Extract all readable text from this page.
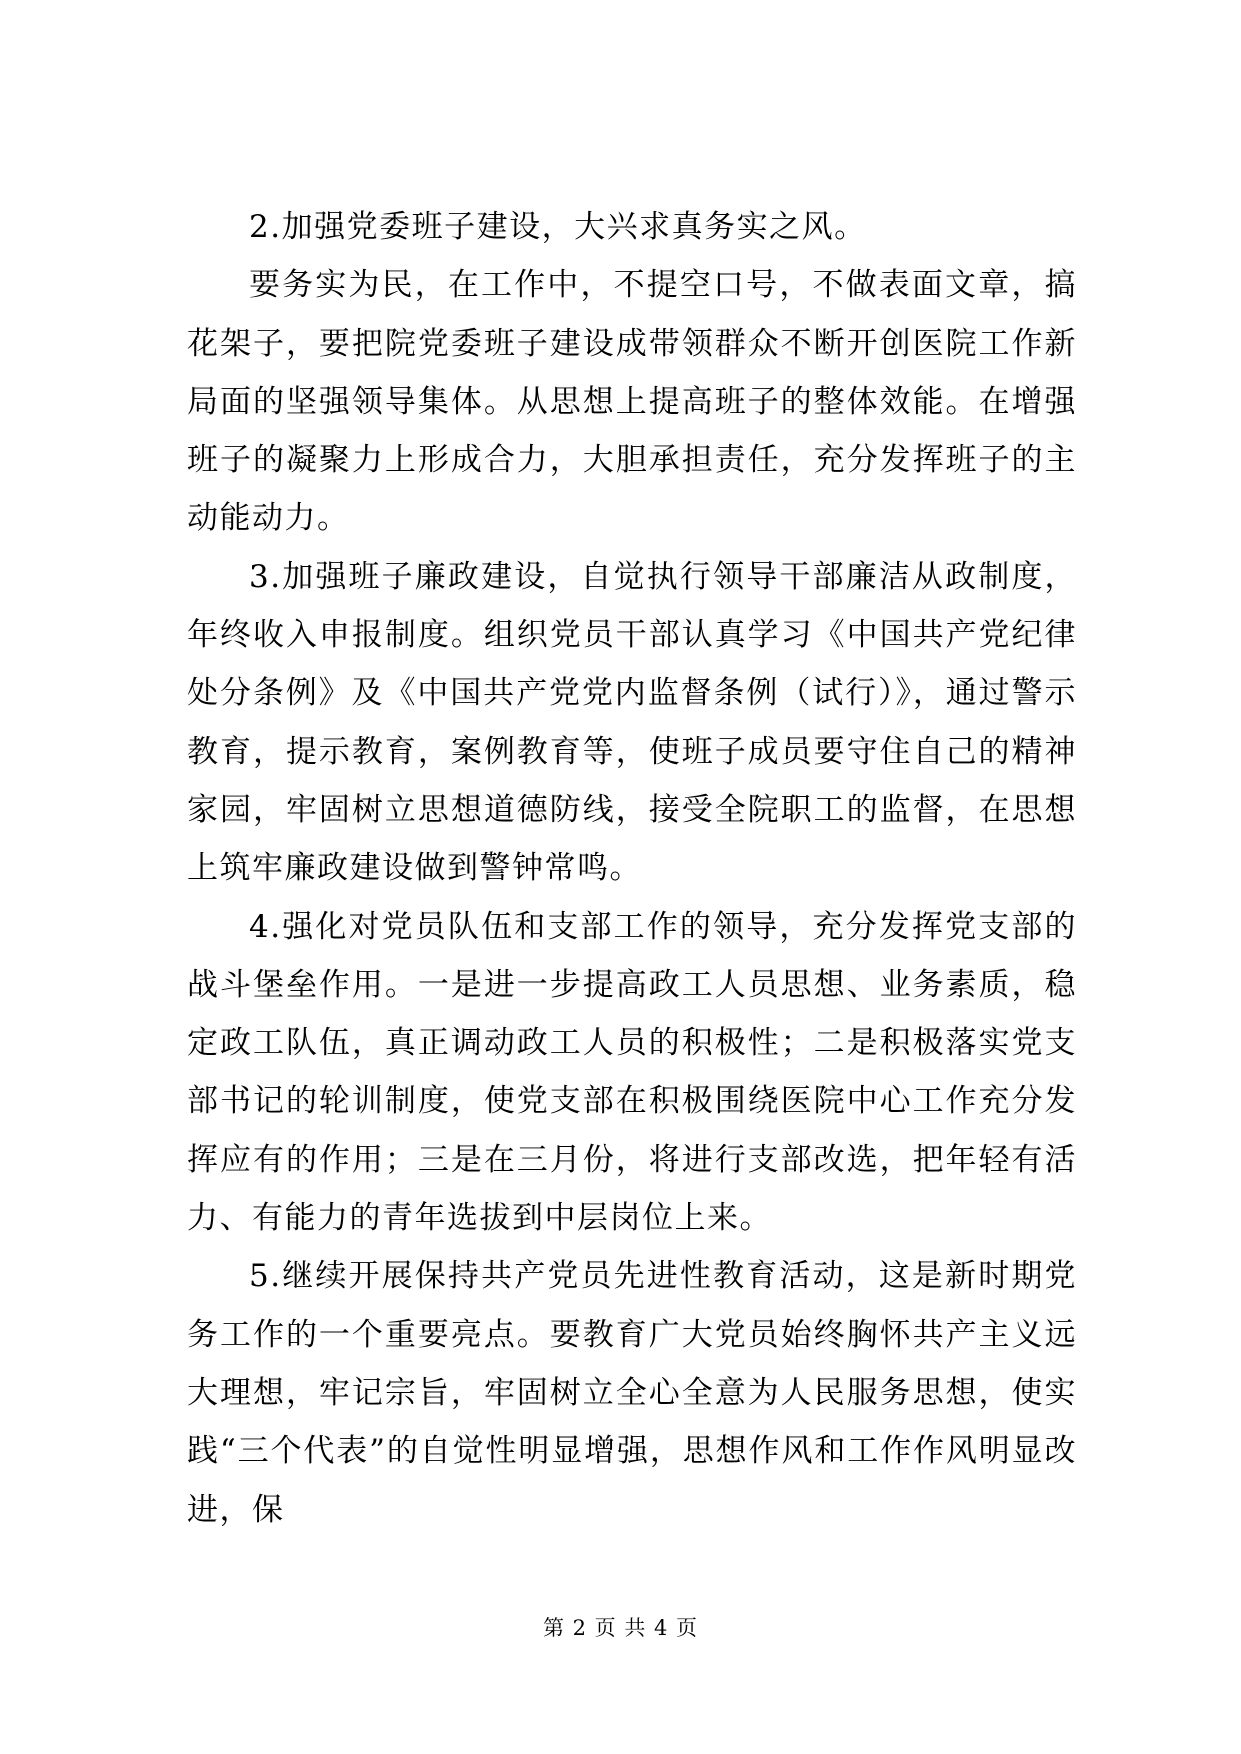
2.加强党委班子建设，大兴求真务实之风。

要务实为民，在工作中，不提空口号，不做表面文章，搞花架子，要把院党委班子建设成带领群众不断开创医院工作新局面的坚强领导集体。从思想上提高班子的整体效能。在增强班子的凝聚力上形成合力，大胆承担责任，充分发挥班子的主动能动力。

3.加强班子廉政建设，自觉执行领导干部廉洁从政制度，年终收入申报制度。组织党员干部认真学习《中国共产党纪律处分条例》及《中国共产党党内监督条例（试行）》，通过警示教育，提示教育，案例教育等，使班子成员要守住自己的精神家园，牢固树立思想道德防线，接受全院职工的监督，在思想上筑牢廉政建设做到警钟常鸣。

4.强化对党员队伍和支部工作的领导，充分发挥党支部的战斗堡垒作用。一是进一步提高政工人员思想、业务素质，稳定政工队伍，真正调动政工人员的积极性；二是积极落实党支部书记的轮训制度，使党支部在积极围绕医院中心工作充分发挥应有的作用；三是在三月份，将进行支部改选，把年轻有活力、有能力的青年选拔到中层岗位上来。

5.继续开展保持共产党员先进性教育活动，这是新时期党务工作的一个重要亮点。要教育广大党员始终胸怀共产主义远大理想，牢记宗旨，牢固树立全心全意为人民服务思想，使实践“三个代表”的自觉性明显增强，思想作风和工作作风明显改进，保

第 2 页 共 4 页
